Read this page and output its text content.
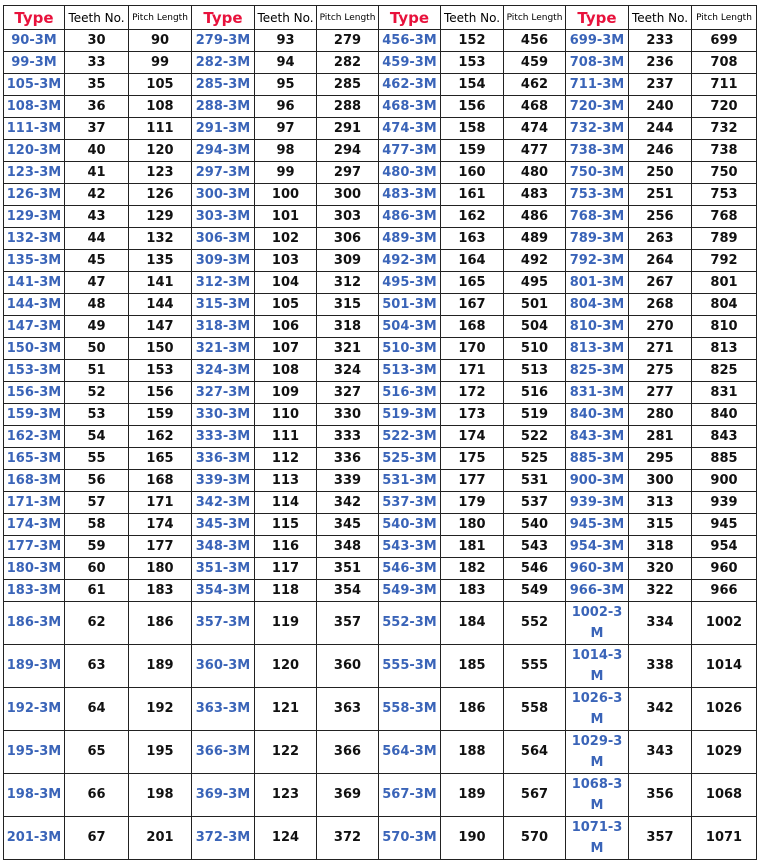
Type	Teeth No.	Pitch Length	Type	Teeth No.	Pitch Length	Type	Teeth No.	Pitch Length	Type	Teeth No.	Pitch Length
90-3M	30	90	279-3M	93	279	456-3M	152	456	699-3M	233	699
99-3M	33	99	282-3M	94	282	459-3M	153	459	708-3M	236	708
105-3M	35	105	285-3M	95	285	462-3M	154	462	711-3M	237	711
108-3M	36	108	288-3M	96	288	468-3M	156	468	720-3M	240	720
111-3M	37	111	291-3M	97	291	474-3M	158	474	732-3M	244	732
120-3M	40	120	294-3M	98	294	477-3M	159	477	738-3M	246	738
123-3M	41	123	297-3M	99	297	480-3M	160	480	750-3M	250	750
126-3M	42	126	300-3M	100	300	483-3M	161	483	753-3M	251	753
129-3M	43	129	303-3M	101	303	486-3M	162	486	768-3M	256	768
132-3M	44	132	306-3M	102	306	489-3M	163	489	789-3M	263	789
135-3M	45	135	309-3M	103	309	492-3M	164	492	792-3M	264	792
141-3M	47	141	312-3M	104	312	495-3M	165	495	801-3M	267	801
144-3M	48	144	315-3M	105	315	501-3M	167	501	804-3M	268	804
147-3M	49	147	318-3M	106	318	504-3M	168	504	810-3M	270	810
150-3M	50	150	321-3M	107	321	510-3M	170	510	813-3M	271	813
153-3M	51	153	324-3M	108	324	513-3M	171	513	825-3M	275	825
156-3M	52	156	327-3M	109	327	516-3M	172	516	831-3M	277	831
159-3M	53	159	330-3M	110	330	519-3M	173	519	840-3M	280	840
162-3M	54	162	333-3M	111	333	522-3M	174	522	843-3M	281	843
165-3M	55	165	336-3M	112	336	525-3M	175	525	885-3M	295	885
168-3M	56	168	339-3M	113	339	531-3M	177	531	900-3M	300	900
171-3M	57	171	342-3M	114	342	537-3M	179	537	939-3M	313	939
174-3M	58	174	345-3M	115	345	540-3M	180	540	945-3M	315	945
177-3M	59	177	348-3M	116	348	543-3M	181	543	954-3M	318	954
180-3M	60	180	351-3M	117	351	546-3M	182	546	960-3M	320	960
183-3M	61	183	354-3M	118	354	549-3M	183	549	966-3M	322	966
186-3M	62	186	357-3M	119	357	552-3M	184	552	1002-3M	334	1002
189-3M	63	189	360-3M	120	360	555-3M	185	555	1014-3M	338	1014
192-3M	64	192	363-3M	121	363	558-3M	186	558	1026-3M	342	1026
195-3M	65	195	366-3M	122	366	564-3M	188	564	1029-3M	343	1029
198-3M	66	198	369-3M	123	369	567-3M	189	567	1068-3M	356	1068
201-3M	67	201	372-3M	124	372	570-3M	190	570	1071-3M	357	1071
